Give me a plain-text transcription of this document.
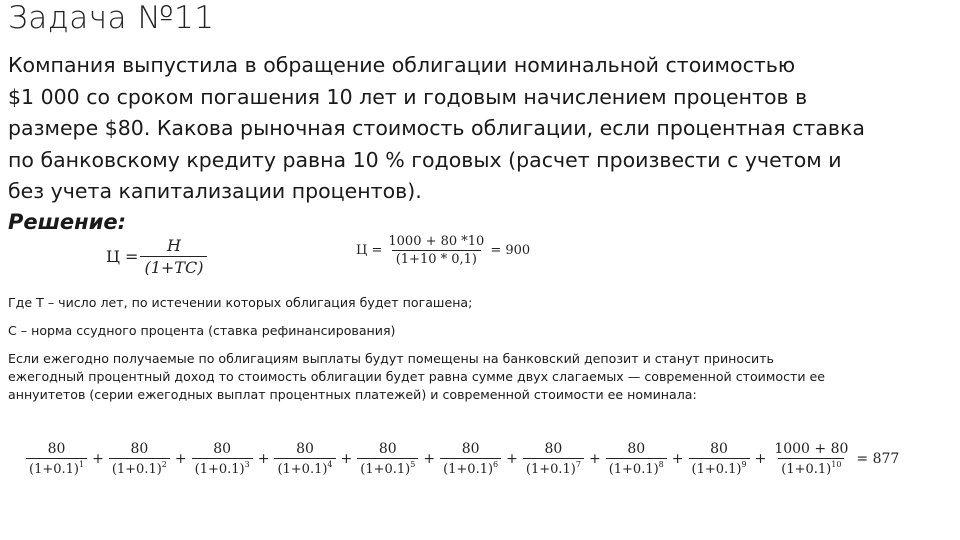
Задача №11
Компания выпустила в обращение облигации номинальной стоимостью
$1 000 со сроком погашения 10 лет и годовым начислением процентов в
размере $80. Какова рыночная стоимость облигации, если процентная ставка
по банковскому кредиту равна 10 % годовых (расчет произвести с учетом и
без учета капитализации процентов).
Решение:
$Ц = \frac{Н}{(1+TC)}$	$Ц = \frac{1000 + 80 *10}{(1+10 * 0,1)} = 900$
Где Т – число лет, по истечении которых облигация будет погашена;
С – норма ссудного процента (ставка рефинансирования)
Если ежегодно получаемые по облигациям выплаты будут помещены на банковский депозит и станут приносить
ежегодный процентный доход то стоимость облигации будет равна сумме двух слагаемых — современной стоимости ее
аннуитетов (серии ежегодных выплат процентных платежей) и современной стоимости ее номинала:
$\frac{80}{(1+0.1)^1} + \frac{80}{(1+0.1)^2} + \frac{80}{(1+0.1)^3} + \frac{80}{(1+0.1)^4} + \frac{80}{(1+0.1)^5} + \frac{80}{(1+0.1)^6} + \frac{80}{(1+0.1)^7} + \frac{80}{(1+0.1)^8} + \frac{80}{(1+0.1)^9} + \frac{1000 + 80}{(1+0.1)^{10}} = 877$
